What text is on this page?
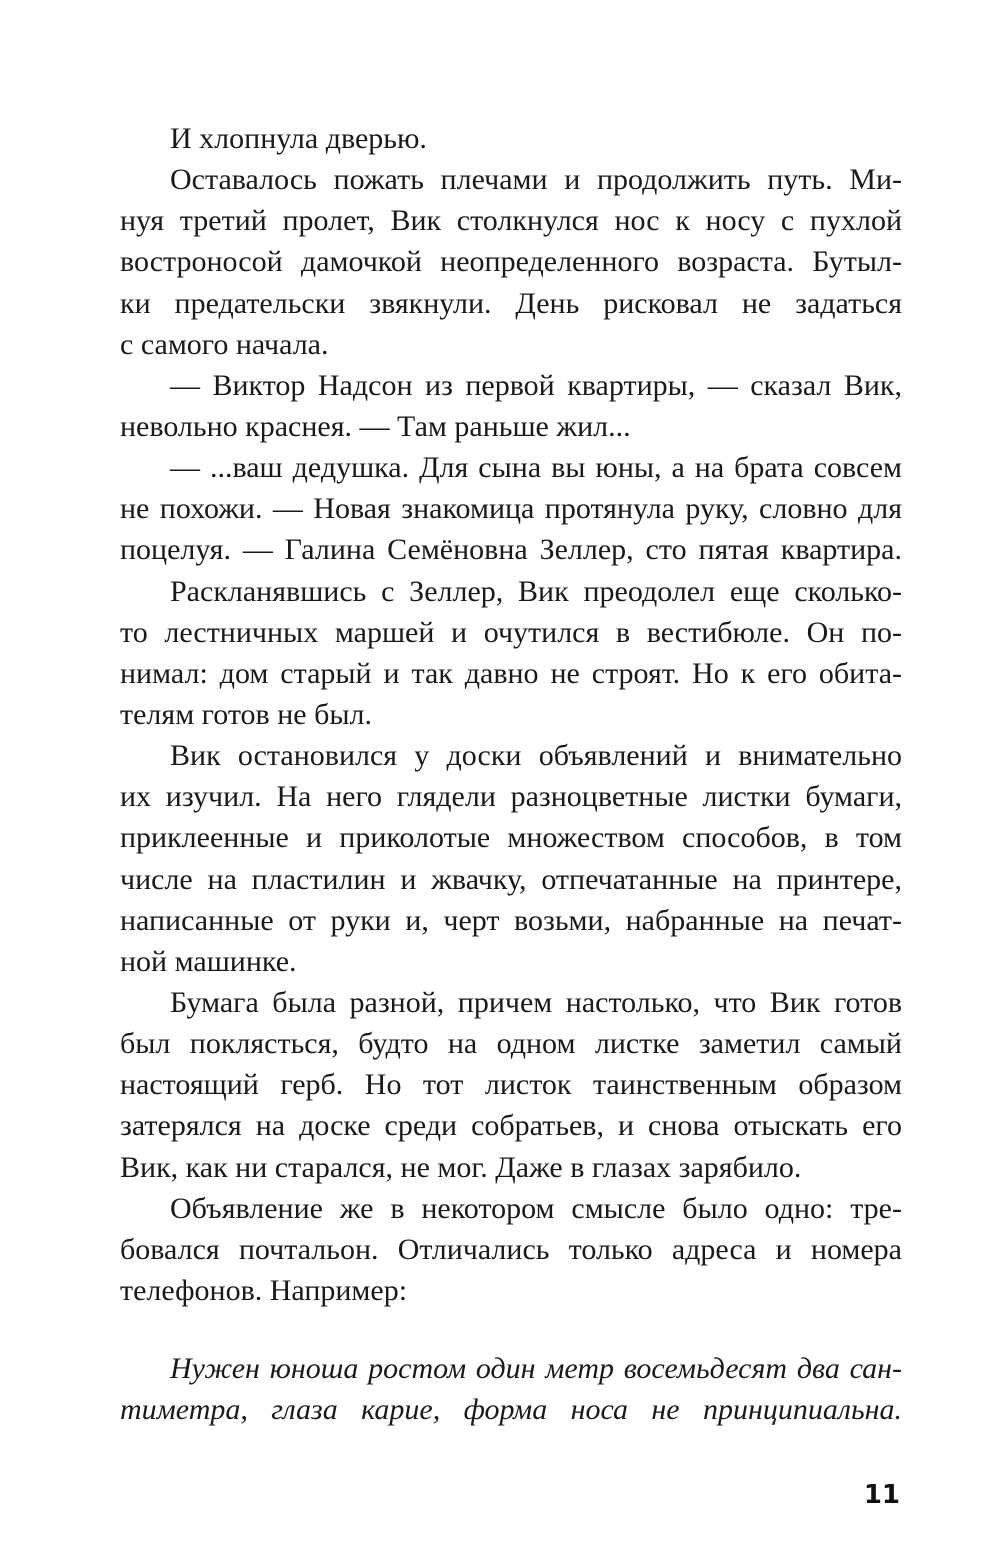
И хлопнула дверью.
Оставалось пожать плечами и продолжить путь. Ми-
нуя третий пролет, Вик столкнулся нос к носу с пухлой
востроносой дамочкой неопределенного возраста. Бутыл-
ки предательски звякнули. День рисковал не задаться
с самого начала.
— Виктор Надсон из первой квартиры, — сказал Вик,
невольно краснея. — Там раньше жил...
— ...ваш дедушка. Для сына вы юны, а на брата совсем
не похожи. — Новая знакомица протянула руку, словно для
поцелуя. — Галина Семёновна Зеллер, сто пятая квартира.
Раскланявшись с Зеллер, Вик преодолел еще сколько-
то лестничных маршей и очутился в вестибюле. Он по-
нимал: дом старый и так давно не строят. Но к его обита-
телям готов не был.
Вик остановился у доски объявлений и внимательно
их изучил. На него глядели разноцветные листки бумаги,
приклеенные и приколотые множеством способов, в том
числе на пластилин и жвачку, отпечатанные на принтере,
написанные от руки и, черт возьми, набранные на печат-
ной машинке.
Бумага была разной, причем настолько, что Вик готов
был поклясться, будто на одном листке заметил самый
настоящий герб. Но тот листок таинственным образом
затерялся на доске среди собратьев, и снова отыскать его
Вик, как ни старался, не мог. Даже в глазах зарябило.
Объявление же в некотором смысле было одно: тре-
бовался почтальон. Отличались только адреса и номера
телефонов. Например:
Нужен юноша ростом один метр восемьдесят два сан-
тиметра, глаза карие, форма носа не принципиальна.
11
